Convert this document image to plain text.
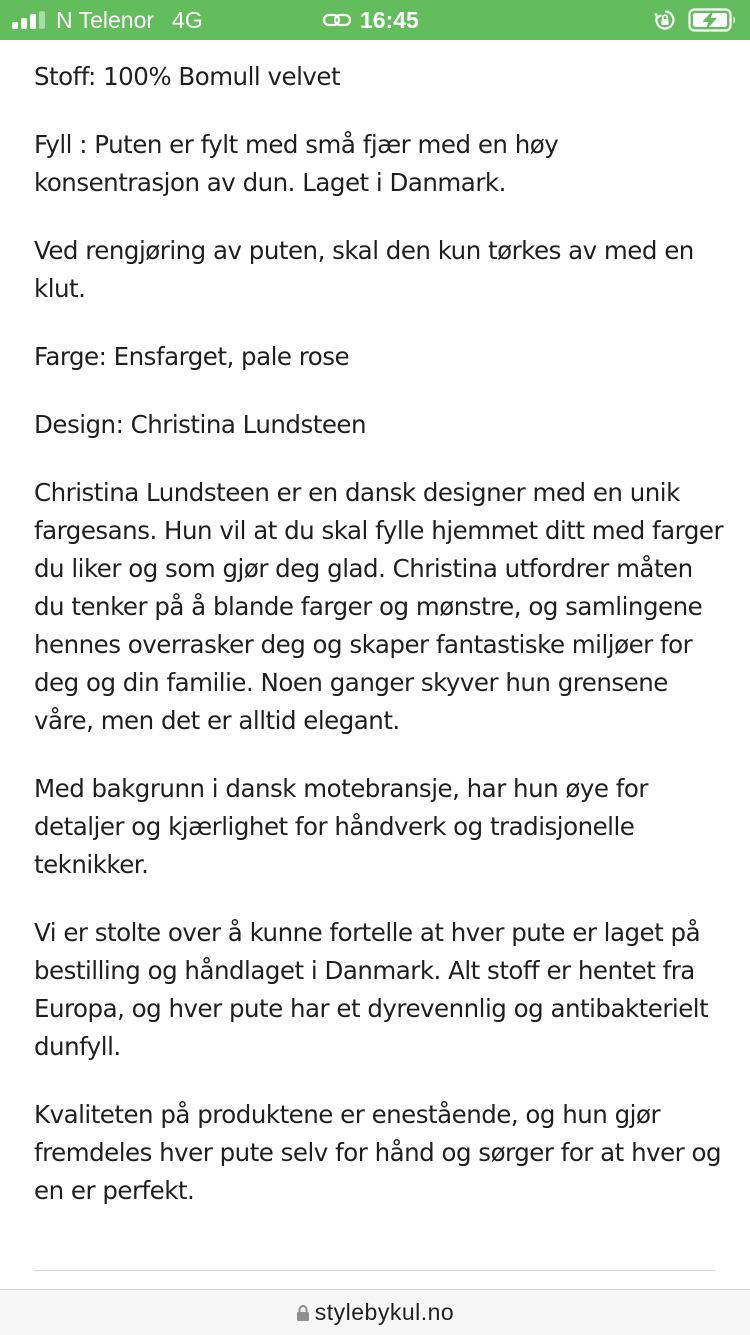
N Telenor 4G	16:45

Stoff: 100% Bomull velvet

Fyll : Puten er fylt med små fjær med en høy konsentrasjon av dun. Laget i Danmark.

Ved rengjøring av puten, skal den kun tørkes av med en klut.

Farge: Ensfarget, pale rose

Design: Christina Lundsteen

Christina Lundsteen er en dansk designer med en unik fargesans. Hun vil at du skal fylle hjemmet ditt med farger du liker og som gjør deg glad. Christina utfordrer måten du tenker på å blande farger og mønstre, og samlingene hennes overrasker deg og skaper fantastiske miljøer for deg og din familie. Noen ganger skyver hun grensene våre, men det er alltid elegant.

Med bakgrunn i dansk motebransje, har hun øye for detaljer og kjærlighet for håndverk og tradisjonelle teknikker.

Vi er stolte over å kunne fortelle at hver pute er laget på bestilling og håndlaget i Danmark. Alt stoff er hentet fra Europa, og hver pute har et dyrevennlig og antibakterielt dunfyll.

Kvaliteten på produktene er enestående, og hun gjør fremdeles hver pute selv for hånd og sørger for at hver og en er perfekt.

stylebykul.no
